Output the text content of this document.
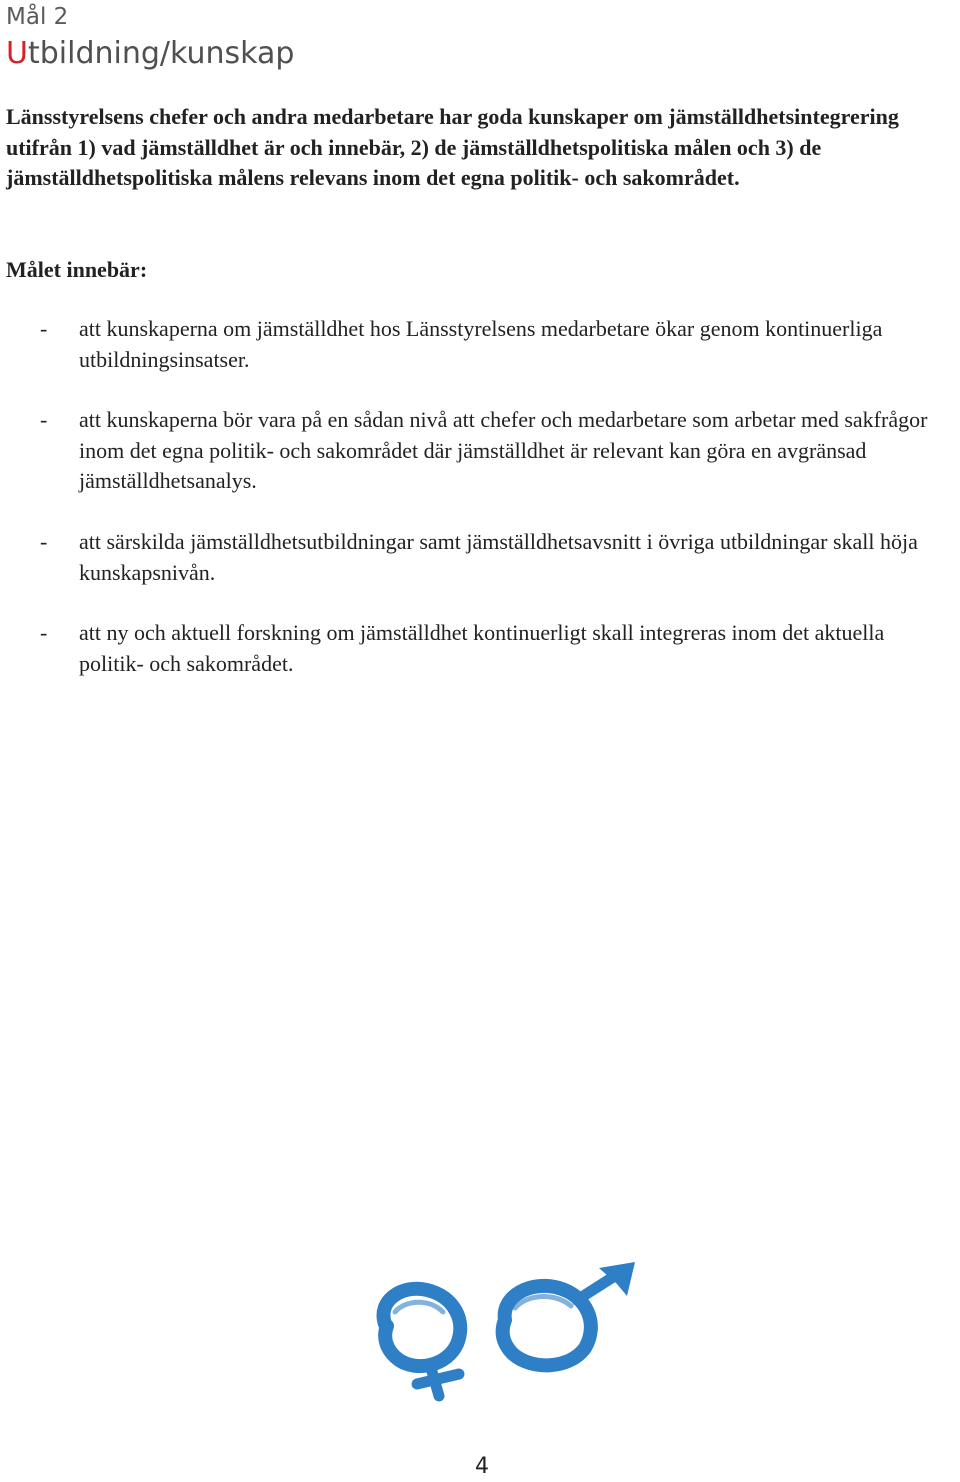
Mål 2
Utbildning/kunskap

Länsstyrelsens chefer och andra medarbetare har goda kunskaper om jämställdhetsintegrering utifrån 1) vad jämställdhet är och innebär, 2) de jämställdhetspolitiska målen och 3) de jämställdhetspolitiska målens relevans inom det egna politik- och sakområdet.

Målet innebär:

- att kunskaperna om jämställdhet hos Länsstyrelsens medarbetare ökar genom kontinuerliga utbildningsinsatser.
- att kunskaperna bör vara på en sådan nivå att chefer och medarbetare som arbetar med sakfrågor inom det egna politik- och sakområdet där jämställdhet är relevant kan göra en avgränsad jämställdhetsanalys.
- att särskilda jämställdhetsutbildningar samt jämställdhetsavsnitt i övriga utbildningar skall höja kunskapsnivån.
- att ny och aktuell forskning om jämställdhet kontinuerligt skall integreras inom det aktuella politik- och sakområdet.

4
